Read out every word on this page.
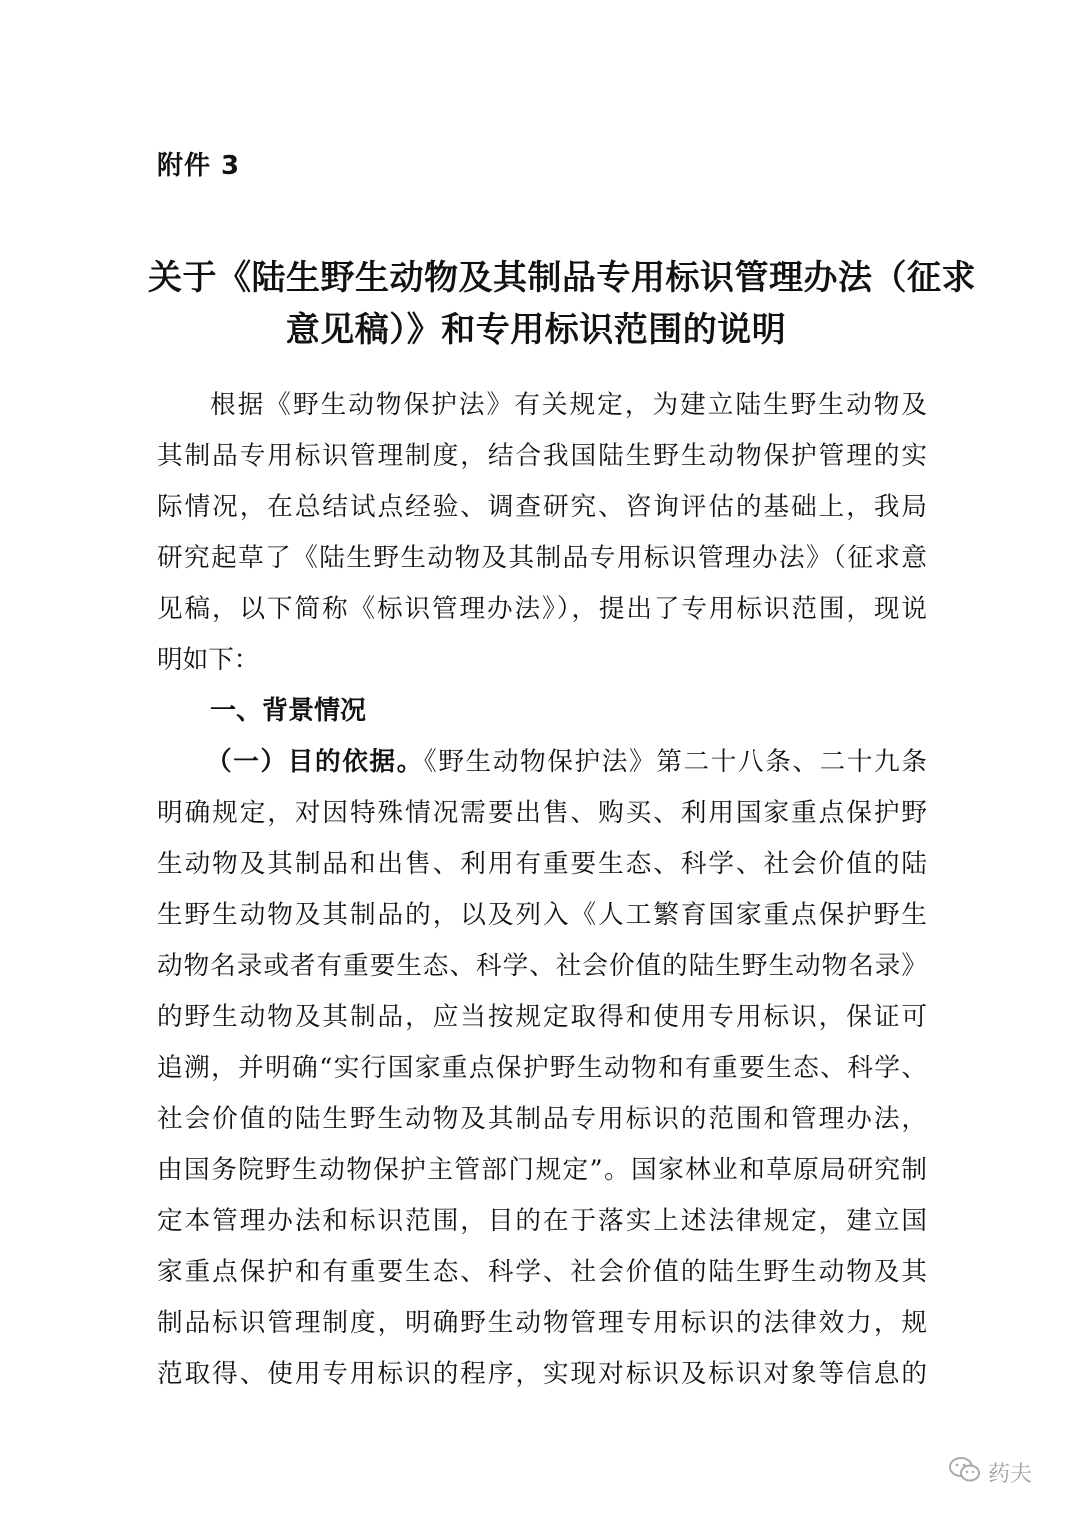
附件 3
关于《陆生野生动物及其制品专用标识管理办法（征求
意见稿）》和专用标识范围的说明
根据《野生动物保护法》有关规定，为建立陆生野生动物及
其制品专用标识管理制度，结合我国陆生野生动物保护管理的实
际情况，在总结试点经验、调查研究、咨询评估的基础上，我局
研究起草了《陆生野生动物及其制品专用标识管理办法》（征求意
见稿，以下简称《标识管理办法》），提出了专用标识范围，现说
明如下：
一、背景情况
（一）目的依据。《野生动物保护法》第二十八条、二十九条
明确规定，对因特殊情况需要出售、购买、利用国家重点保护野
生动物及其制品和出售、利用有重要生态、科学、社会价值的陆
生野生动物及其制品的，以及列入《人工繁育国家重点保护野生
动物名录或者有重要生态、科学、社会价值的陆生野生动物名录》
的野生动物及其制品，应当按规定取得和使用专用标识，保证可
追溯，并明确“实行国家重点保护野生动物和有重要生态、科学、
社会价值的陆生野生动物及其制品专用标识的范围和管理办法，
由国务院野生动物保护主管部门规定”。国家林业和草原局研究制
定本管理办法和标识范围，目的在于落实上述法律规定，建立国
家重点保护和有重要生态、科学、社会价值的陆生野生动物及其
制品标识管理制度，明确野生动物管理专用标识的法律效力，规
范取得、使用专用标识的程序，实现对标识及标识对象等信息的
药夫
